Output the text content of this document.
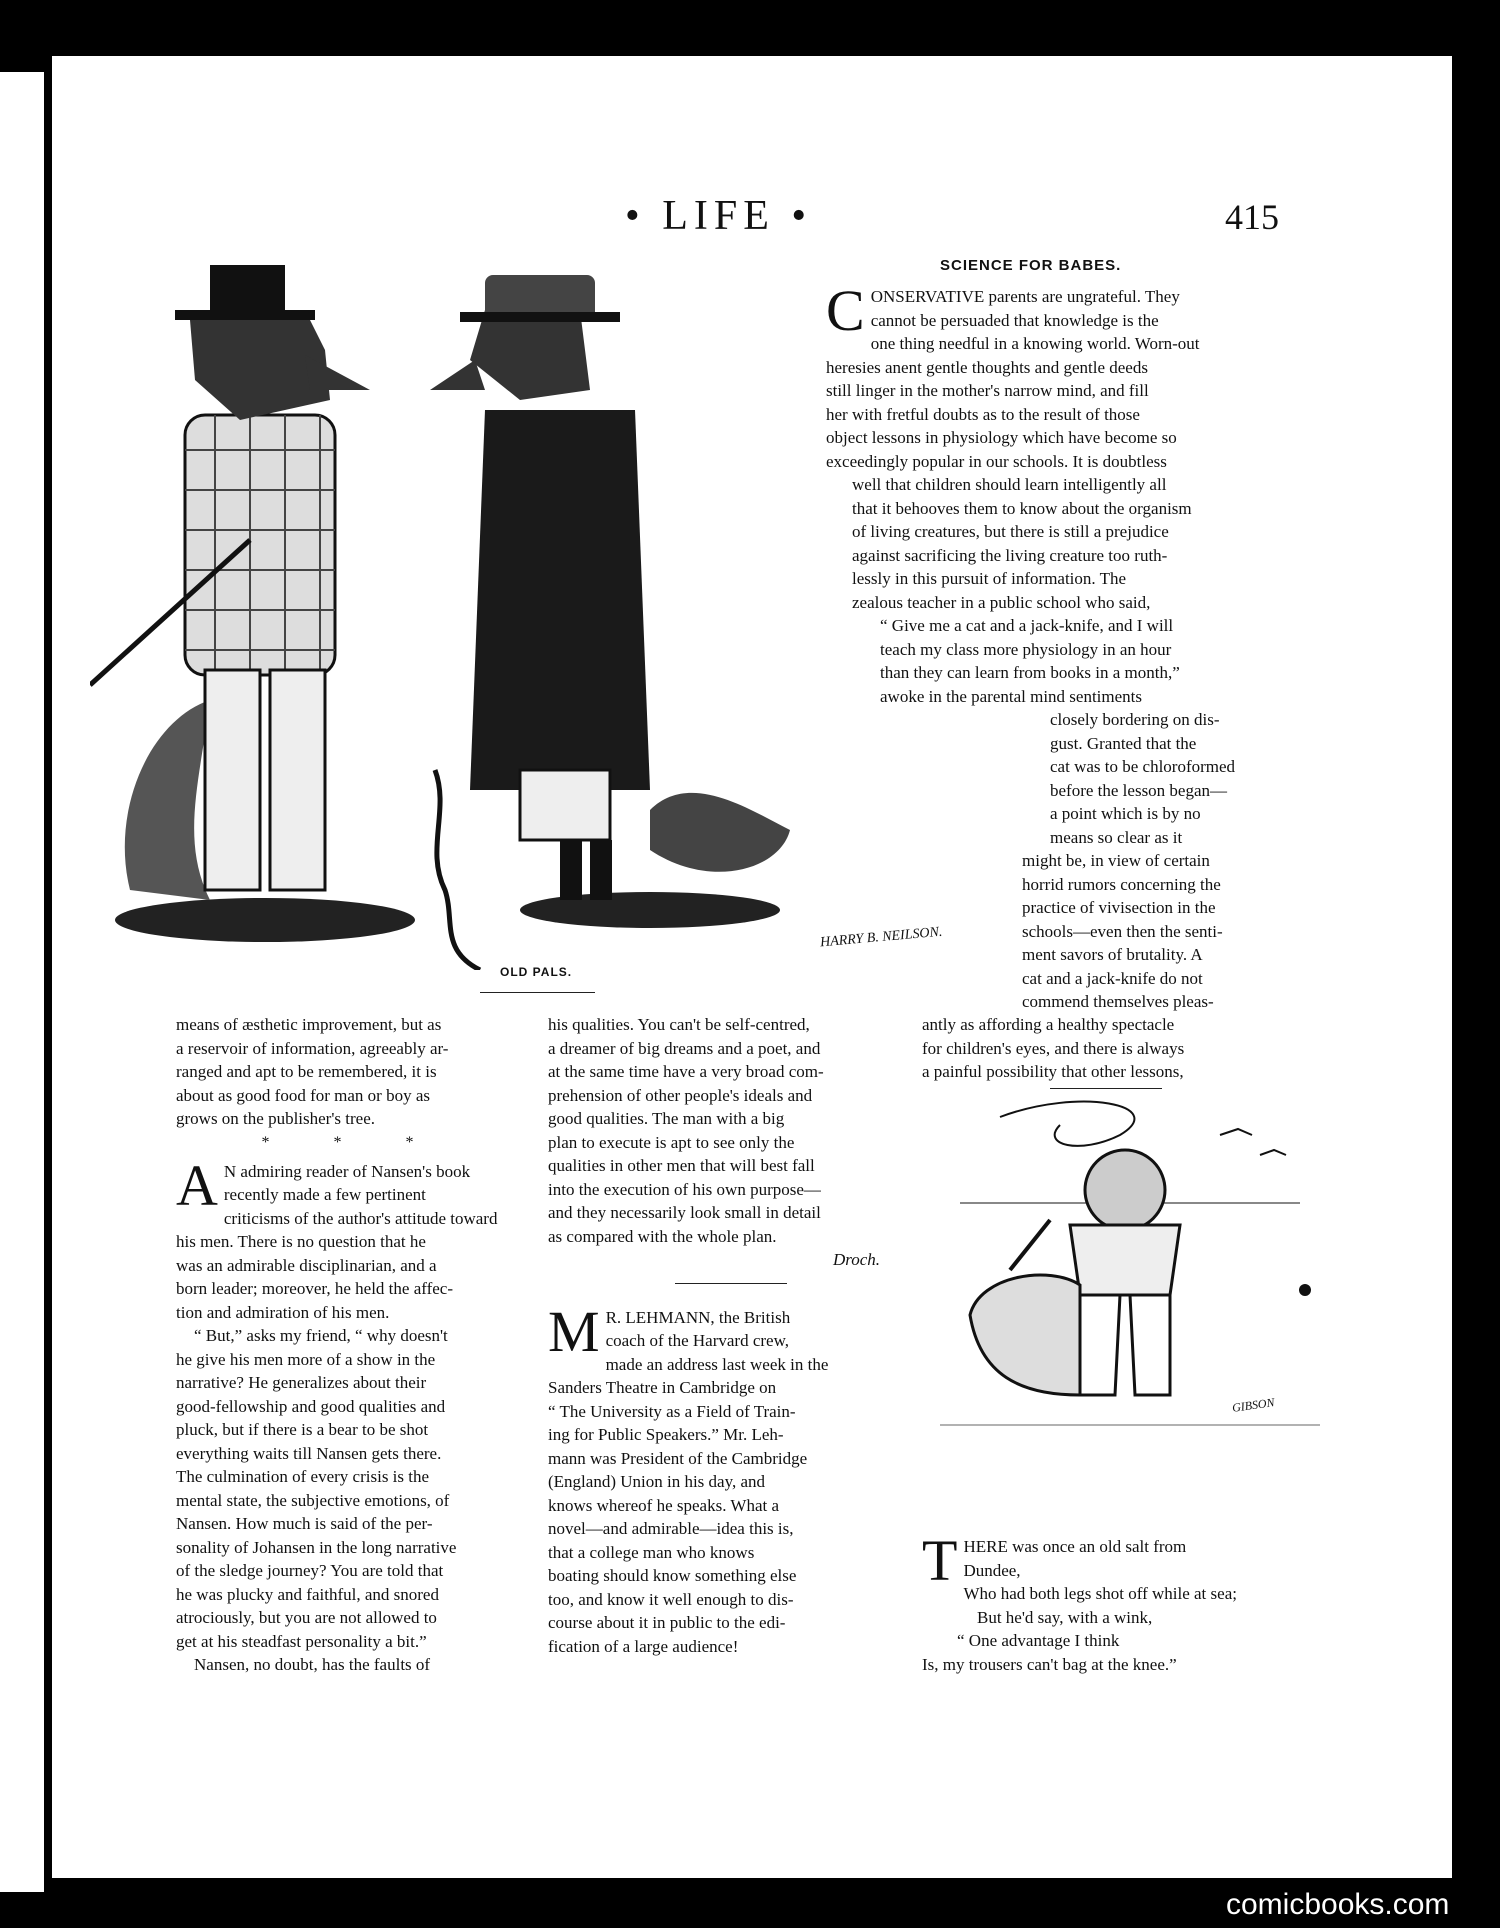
• LIFE •	415
OLD PALS.
HARRY B. NEILSON.
SCIENCE FOR BABES.
C ONSERVATIVE parents are ungrateful. They

cannot be persuaded that knowledge is the

one thing needful in a knowing world. Worn-out

heresies anent gentle thoughts and gentle deeds

still linger in the mother's narrow mind, and fill

her with fretful doubts as to the result of those

object lessons in physiology which have become so

exceedingly popular in our schools. It is doubtless

well that children should learn intelligently all

that it behooves them to know about the organism

of living creatures, but there is still a prejudice

against sacrificing the living creature too ruth-

lessly in this pursuit of information. The

zealous teacher in a public school who said,

“ Give me a cat and a jack-knife, and I will

teach my class more physiology in an hour

than they can learn from books in a month,”

awoke in the parental mind sentiments

closely bordering on dis-

gust. Granted that the

cat was to be chloroformed

before the lesson began—

a point which is by no

means so clear as it

might be, in view of certain

horrid rumors concerning the

practice of vivisection in the

schools—even then the senti-

ment savors of brutality. A

cat and a jack-knife do not

commend themselves pleas-

antly as affording a healthy spectacle

for children's eyes, and there is always

a painful possibility that other lessons,

means of æsthetic improvement, but as

a reservoir of information, agreeably ar-

ranged and apt to be remembered, it is

about as good food for man or boy as

grows on the publisher's tree.

* * *
A N admiring reader of Nansen's book

recently made a few pertinent

criticisms of the author's attitude toward

his men. There is no question that he

was an admirable disciplinarian, and a

born leader; moreover, he held the affec-

tion and admiration of his men.

“ But,” asks my friend, “ why doesn't

he give his men more of a show in the

narrative? He generalizes about their

good-fellowship and good qualities and

pluck, but if there is a bear to be shot

everything waits till Nansen gets there.

The culmination of every crisis is the

mental state, the subjective emotions, of

Nansen. How much is said of the per-

sonality of Johansen in the long narrative

of the sledge journey? You are told that

he was plucky and faithful, and snored

atrociously, but you are not allowed to

get at his steadfast personality a bit.”

Nansen, no doubt, has the faults of

his qualities. You can't be self-centred,

a dreamer of big dreams and a poet, and

at the same time have a very broad com-

prehension of other people's ideals and

good qualities. The man with a big

plan to execute is apt to see only the

qualities in other men that will best fall

into the execution of his own purpose—

and they necessarily look small in detail

as compared with the whole plan.

Droch.

M R. LEHMANN, the British

coach of the Harvard crew,

made an address last week in the

Sanders Theatre in Cambridge on

“ The University as a Field of Train-

ing for Public Speakers.” Mr. Leh-

mann was President of the Cambridge

(England) Union in his day, and

knows whereof he speaks. What a

novel—and admirable—idea this is,

that a college man who knows

boating should know something else

too, and know it well enough to dis-

course about it in public to the edi-

fication of a large audience!

GIBSON
T HERE was once an old salt from

Dundee,

Who had both legs shot off while at sea;

But he'd say, with a wink,

“ One advantage I think

Is, my trousers can't bag at the knee.”

comicbooks.com
